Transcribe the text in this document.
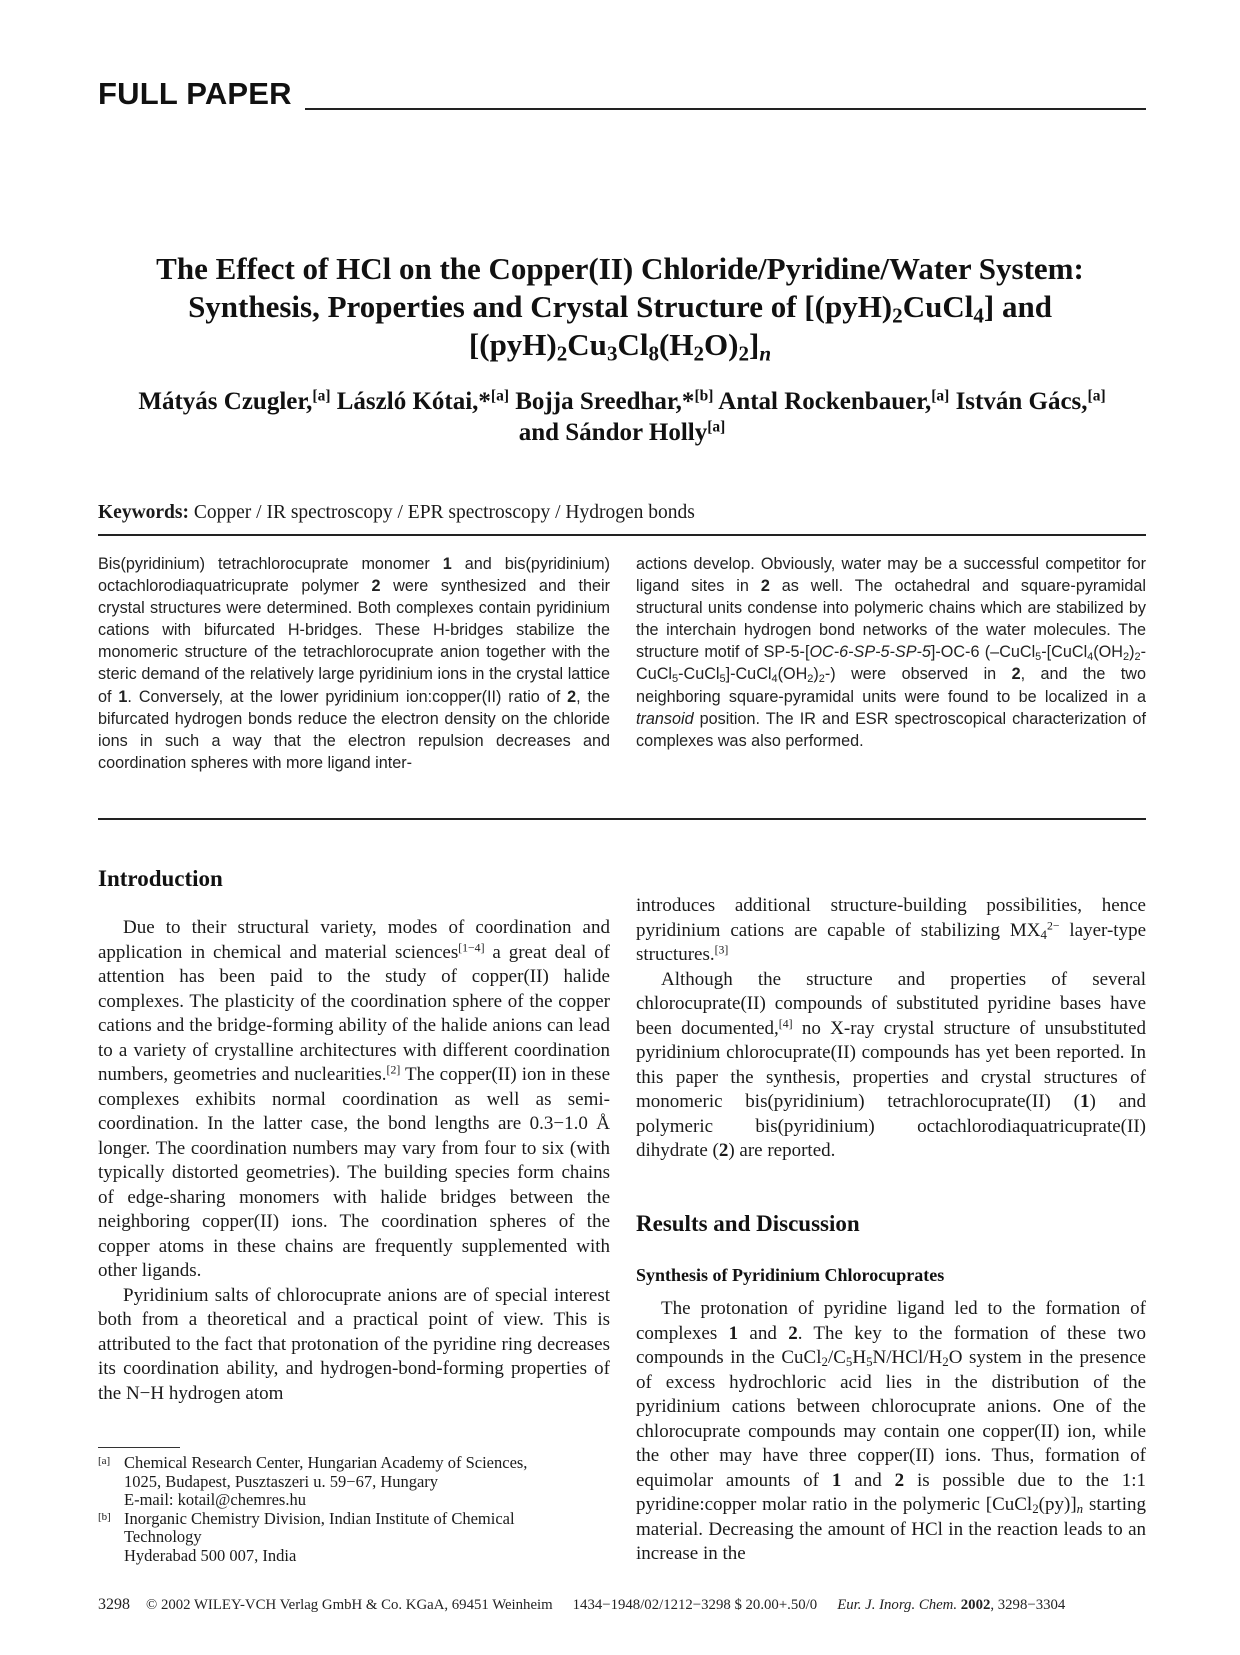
FULL PAPER
The Effect of HCl on the Copper(II) Chloride/Pyridine/Water System:
Synthesis, Properties and Crystal Structure of $[(pyH)_2CuCl_4]$ and
$[(pyH)_2Cu_3Cl_8(H_2O)_2]_n$
Mátyás Czugler,[a] László Kótai,*[a] Bojja Sreedhar,*[b] Antal Rockenbauer,[a] István Gács,[a]
and Sándor Holly[a]
Keywords: Copper / IR spectroscopy / EPR spectroscopy / Hydrogen bonds
Bis(pyridinium) tetrachlorocuprate monomer 1 and bis(pyridinium) octachlorodiaquatricuprate polymer 2 were synthesized and their crystal structures were determined. Both complexes contain pyridinium cations with bifurcated H-bridges. These H-bridges stabilize the monomeric structure of the tetrachlorocuprate anion together with the steric demand of the relatively large pyridinium ions in the crystal lattice of 1. Conversely, at the lower pyridinium ion:copper(II) ratio of 2, the bifurcated hydrogen bonds reduce the electron density on the chloride ions in such a way that the electron repulsion decreases and coordination spheres with more ligand inter-
actions develop. Obviously, water may be a successful competitor for ligand sites in 2 as well. The octahedral and square-pyramidal structural units condense into polymeric chains which are stabilized by the interchain hydrogen bond networks of the water molecules. The structure motif of SP-5-[OC-6-SP-5-SP-5]-OC-6 $(-CuCl_5-[CuCl_4(OH_2)_2-CuCl_5-CuCl_5]-CuCl_4(OH_2)_2-)$ were observed in 2, and the two neighboring square-pyramidal units were found to be localized in a transoid position. The IR and ESR spectroscopical characterization of complexes was also performed.
Introduction

Due to their structural variety, modes of coordination and application in chemical and material sciences[1−4] a great deal of attention has been paid to the study of copper(II) halide complexes. The plasticity of the coordination sphere of the copper cations and the bridge-forming ability of the halide anions can lead to a variety of crystalline architectures with different coordination numbers, geometries and nuclearities.[2] The copper(II) ion in these complexes exhibits normal coordination as well as semi-coordination. In the latter case, the bond lengths are 0.3−1.0 Å longer. The coordination numbers may vary from four to six (with typically distorted geometries). The building species form chains of edge-sharing monomers with halide bridges between the neighboring copper(II) ions. The coordination spheres of the copper atoms in these chains are frequently supplemented with other ligands.

Pyridinium salts of chlorocuprate anions are of special interest both from a theoretical and a practical point of view. This is attributed to the fact that protonation of the pyridine ring decreases its coordination ability, and hydrogen-bond-forming properties of the N−H hydrogen atom

introduces additional structure-building possibilities, hence pyridinium cations are capable of stabilizing $MX_4^{2-}$ layer-type structures.[3]

Although the structure and properties of several chlorocuprate(II) compounds of substituted pyridine bases have been documented,[4] no X-ray crystal structure of unsubstituted pyridinium chlorocuprate(II) compounds has yet been reported. In this paper the synthesis, properties and crystal structures of monomeric bis(pyridinium) tetrachlorocuprate(II) (1) and polymeric bis(pyridinium) octachlorodiaquatricuprate(II) dihydrate (2) are reported.

Results and Discussion
Synthesis of Pyridinium Chlorocuprates

The protonation of pyridine ligand led to the formation of complexes 1 and 2. The key to the formation of these two compounds in the $CuCl_2/C_5H_5N/HCl/H_2O$ system in the presence of excess hydrochloric acid lies in the distribution of the pyridinium cations between chlorocuprate anions. One of the chlorocuprate compounds may contain one copper(II) ion, while the other may have three copper(II) ions. Thus, formation of equimolar amounts of 1 and 2 is possible due to the 1:1 pyridine:copper molar ratio in the polymeric $[CuCl_2(py)]_n$ starting material. Decreasing the amount of HCl in the reaction leads to an increase in the

[a] Chemical Research Center, Hungarian Academy of Sciences,
1025, Budapest, Pusztaszeri u. 59−67, Hungary
E-mail: kotail@chemres.hu
[b] Inorganic Chemistry Division, Indian Institute of Chemical
Technology
Hyderabad 500 007, India
3298 © 2002 WILEY-VCH Verlag GmbH & Co. KGaA, 69451 Weinheim 1434−1948/02/1212−3298 $ 20.00+.50/0 Eur. J. Inorg. Chem. 2002, 3298−3304
